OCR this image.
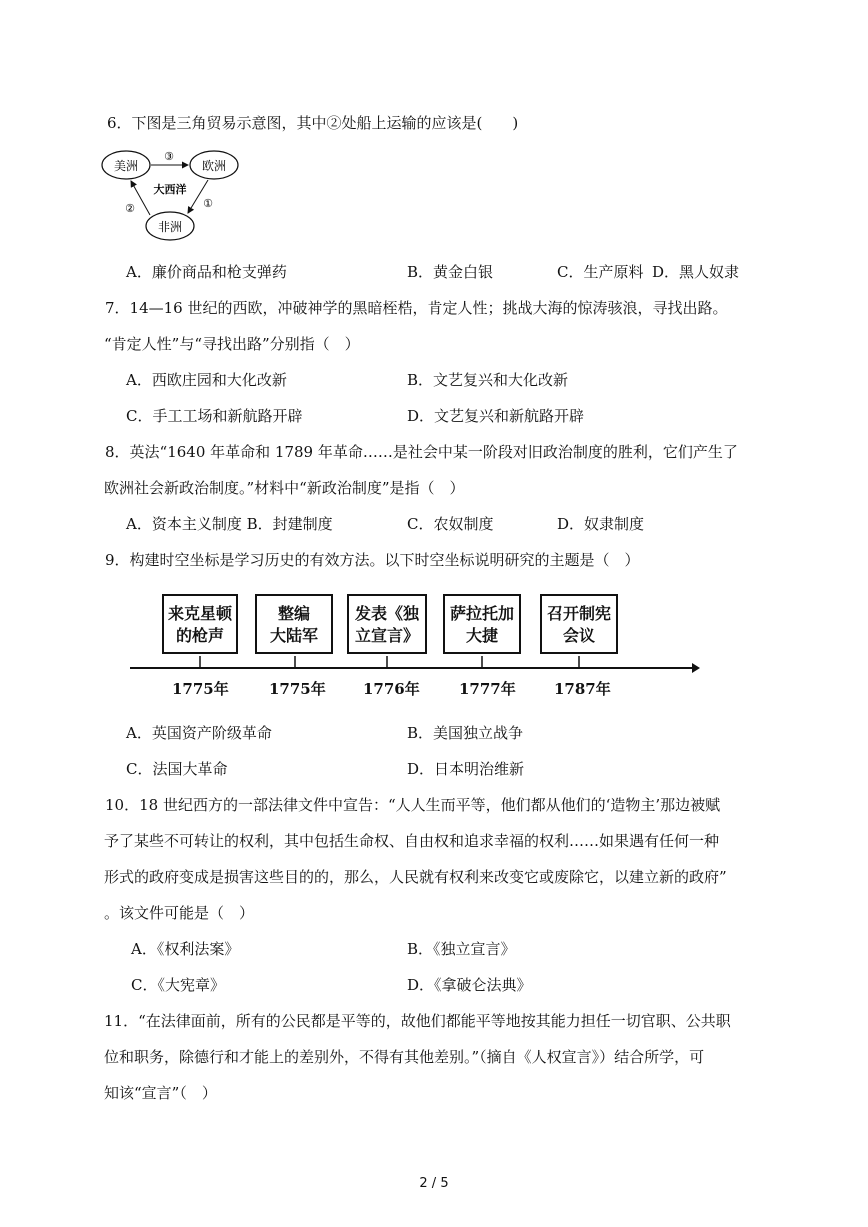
6．下图是三角贸易示意图，其中②处船上运输的应该是(　　)
美洲	欧洲
非洲
大西洋
③
①
②
A．廉价商品和枪支弹药	B．黄金白银	C．生产原料 D．黑人奴隶
7．14—16 世纪的西欧，冲破神学的黑暗桎梏，肯定人性；挑战大海的惊涛骇浪，寻找出路。
“肯定人性”与“寻找出路”分别指（　）
A．西欧庄园和大化改新	B．文艺复兴和大化改新
C．手工工场和新航路开辟	D．文艺复兴和新航路开辟
8．英法“1640 年革命和 1789 年革命……是社会中某一阶段对旧政治制度的胜利，它们产生了
欧洲社会新政治制度。”材料中“新政治制度”是指（　）
A．资本主义制度 B．封建制度	C．农奴制度	D．奴隶制度
9．构建时空坐标是学习历史的有效方法。以下时空坐标说明研究的主题是（　）
来克星顿
的枪声
整编
大陆军
发表《独
立宣言》
萨拉托加
大捷
召开制宪
会议
1775年	1775年 1776年	1777年	1787年
A．英国资产阶级革命	B．美国独立战争
C．法国大革命	D．日本明治维新
10．18 世纪西方的一部法律文件中宣告：“人人生而平等，他们都从他们的‘造物主’那边被赋
予了某些不可转让的权利，其中包括生命权、自由权和追求幸福的权利……如果遇有任何一种
形式的政府变成是损害这些目的的，那么，人民就有权利来改变它或废除它，以建立新的政府”
。该文件可能是（　）
A．《权利法案》	B．《独立宣言》
C．《大宪章》	D．《拿破仑法典》
11．“在法律面前，所有的公民都是平等的，故他们都能平等地按其能力担任一切官职、公共职
位和职务，除德行和才能上的差别外，不得有其他差别。”（摘自《人权宣言》）结合所学，可
知该“宣言”（　）
2 / 5
